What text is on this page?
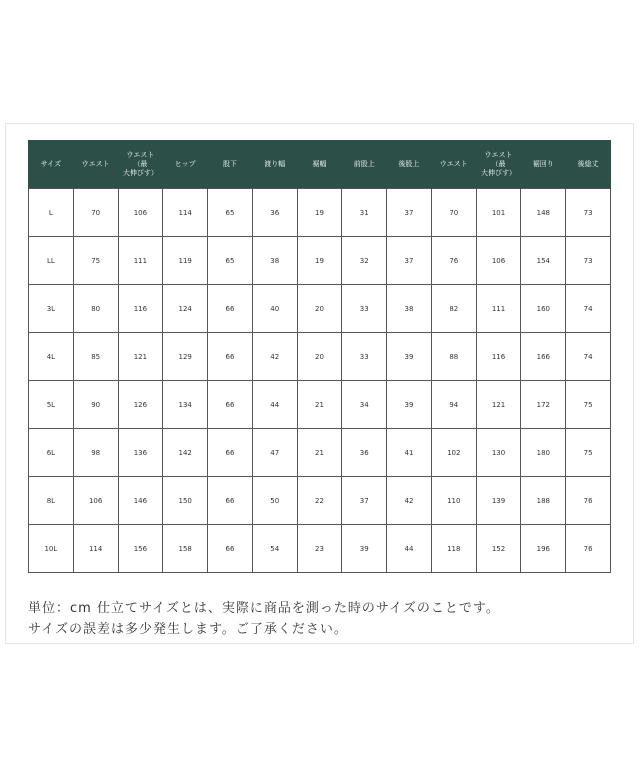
サイズ	ウエスト	ウエスト（最
大伸びす）	ヒップ	股下	渡り幅	裾幅	前股上	後股上	ウエスト	ウエスト（最
大伸びす）	裾回り	後総丈
L	70	106	114	65	36	19	31	37	70	101	148	73
LL	75	111	119	65	38	19	32	37	76	106	154	73
3L	80	116	124	66	40	20	33	38	82	111	160	74
4L	85	121	129	66	42	20	33	39	88	116	166	74
5L	90	126	134	66	44	21	34	39	94	121	172	75
6L	98	136	142	66	47	21	36	41	102	130	180	75
8L	106	146	150	66	50	22	37	42	110	139	188	76
10L	114	156	158	66	54	23	39	44	118	152	196	76
単位：cm 仕立てサイズとは、実際に商品を測った時のサイズのことです。
サイズの誤差は多少発生します。ご了承ください。
